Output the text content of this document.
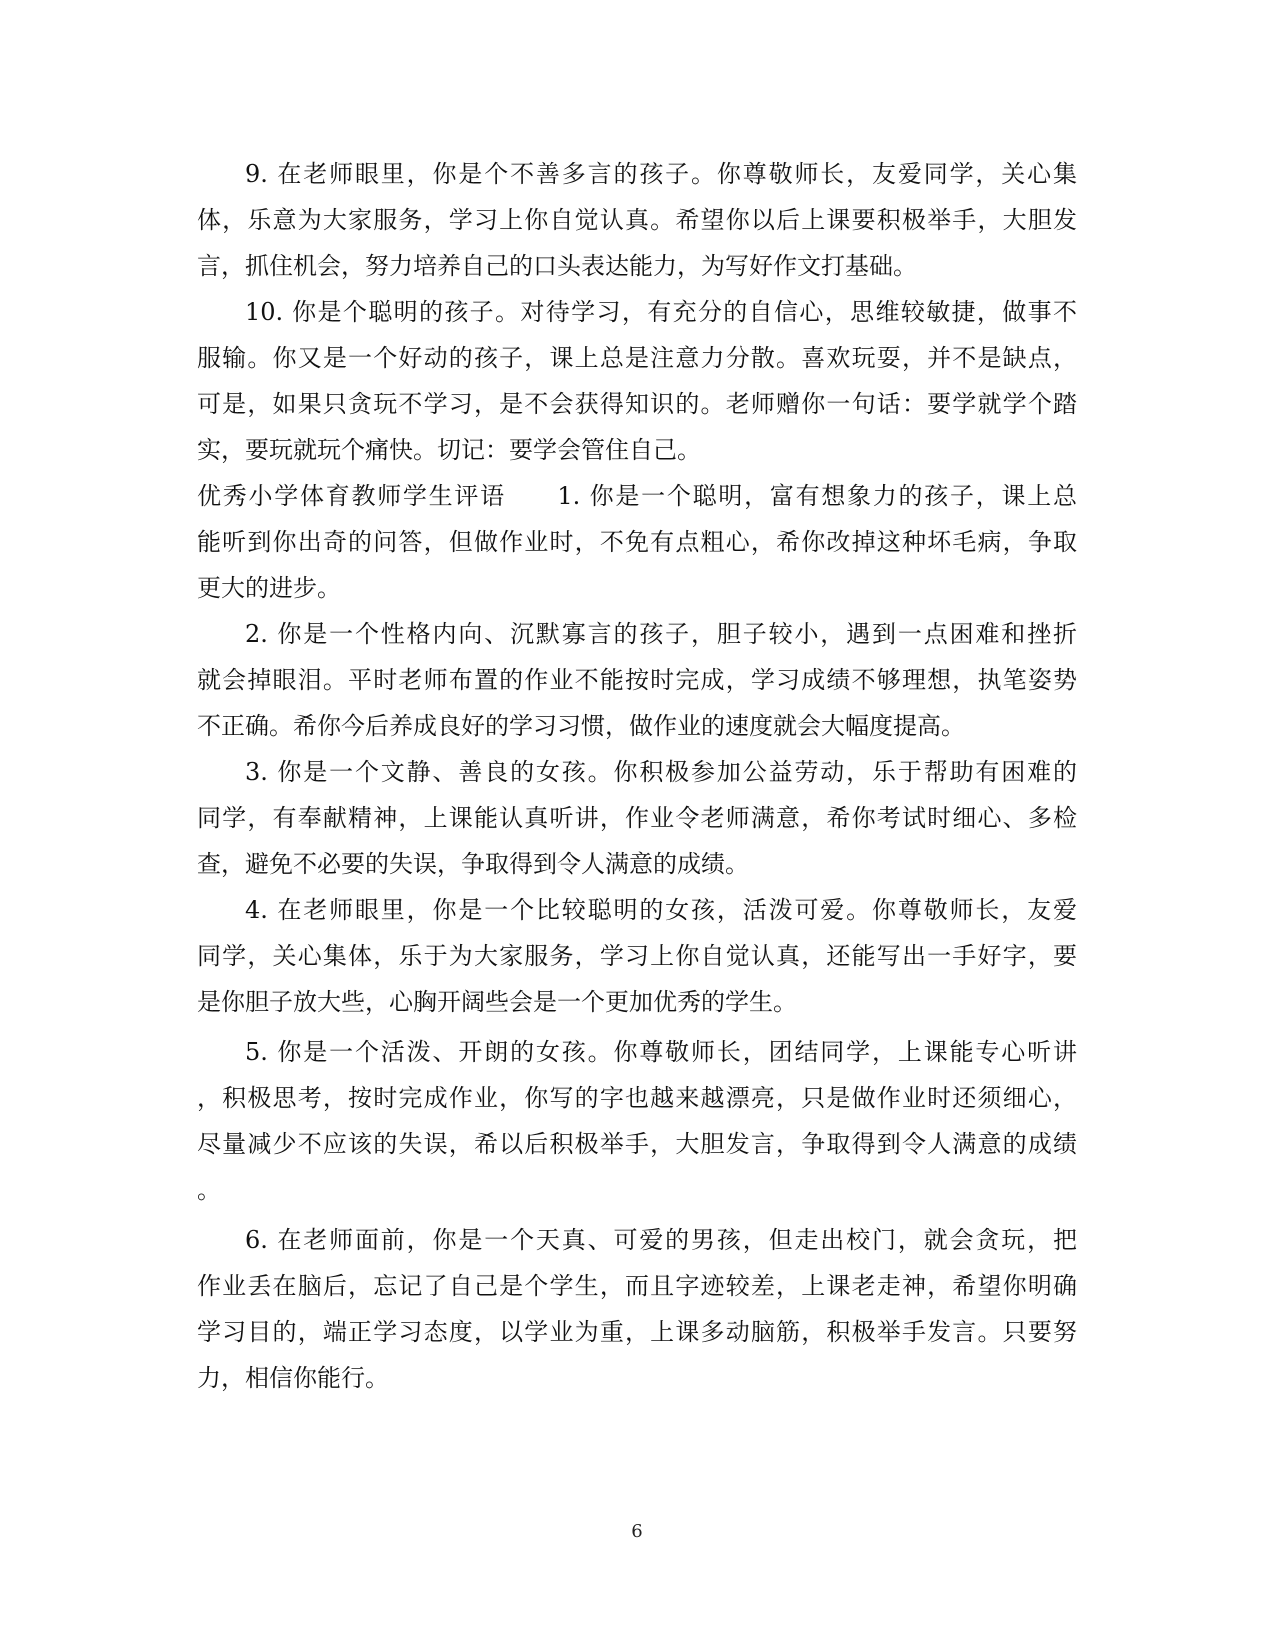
9. 在老师眼里，你是个不善多言的孩子。你尊敬师长，友爱同学，关心集
体，乐意为大家服务，学习上你自觉认真。希望你以后上课要积极举手，大胆发
言，抓住机会，努力培养自己的口头表达能力，为写好作文打基础。
10. 你是个聪明的孩子。对待学习，有充分的自信心，思维较敏捷，做事不
服输。你又是一个好动的孩子，课上总是注意力分散。喜欢玩耍，并不是缺点，
可是，如果只贪玩不学习，是不会获得知识的。老师赠你一句话：要学就学个踏
实，要玩就玩个痛快。切记：要学会管住自己。
优秀小学体育教师学生评语　　1. 你是一个聪明，富有想象力的孩子，课上总
能听到你出奇的问答，但做作业时，不免有点粗心，希你改掉这种坏毛病，争取
更大的进步。
2. 你是一个性格内向、沉默寡言的孩子，胆子较小，遇到一点困难和挫折
就会掉眼泪。平时老师布置的作业不能按时完成，学习成绩不够理想，执笔姿势
不正确。希你今后养成良好的学习习惯，做作业的速度就会大幅度提高。
3. 你是一个文静、善良的女孩。你积极参加公益劳动，乐于帮助有困难的
同学，有奉献精神，上课能认真听讲，作业令老师满意，希你考试时细心、多检
查，避免不必要的失误，争取得到令人满意的成绩。
4. 在老师眼里，你是一个比较聪明的女孩，活泼可爱。你尊敬师长，友爱
同学，关心集体，乐于为大家服务，学习上你自觉认真，还能写出一手好字，要
是你胆子放大些，心胸开阔些会是一个更加优秀的学生。
5. 你是一个活泼、开朗的女孩。你尊敬师长，团结同学，上课能专心听讲
，积极思考，按时完成作业，你写的字也越来越漂亮，只是做作业时还须细心，
尽量减少不应该的失误，希以后积极举手，大胆发言，争取得到令人满意的成绩
。
6. 在老师面前，你是一个天真、可爱的男孩，但走出校门，就会贪玩，把
作业丢在脑后，忘记了自己是个学生，而且字迹较差，上课老走神，希望你明确
学习目的，端正学习态度，以学业为重，上课多动脑筋，积极举手发言。只要努
力，相信你能行。
6
